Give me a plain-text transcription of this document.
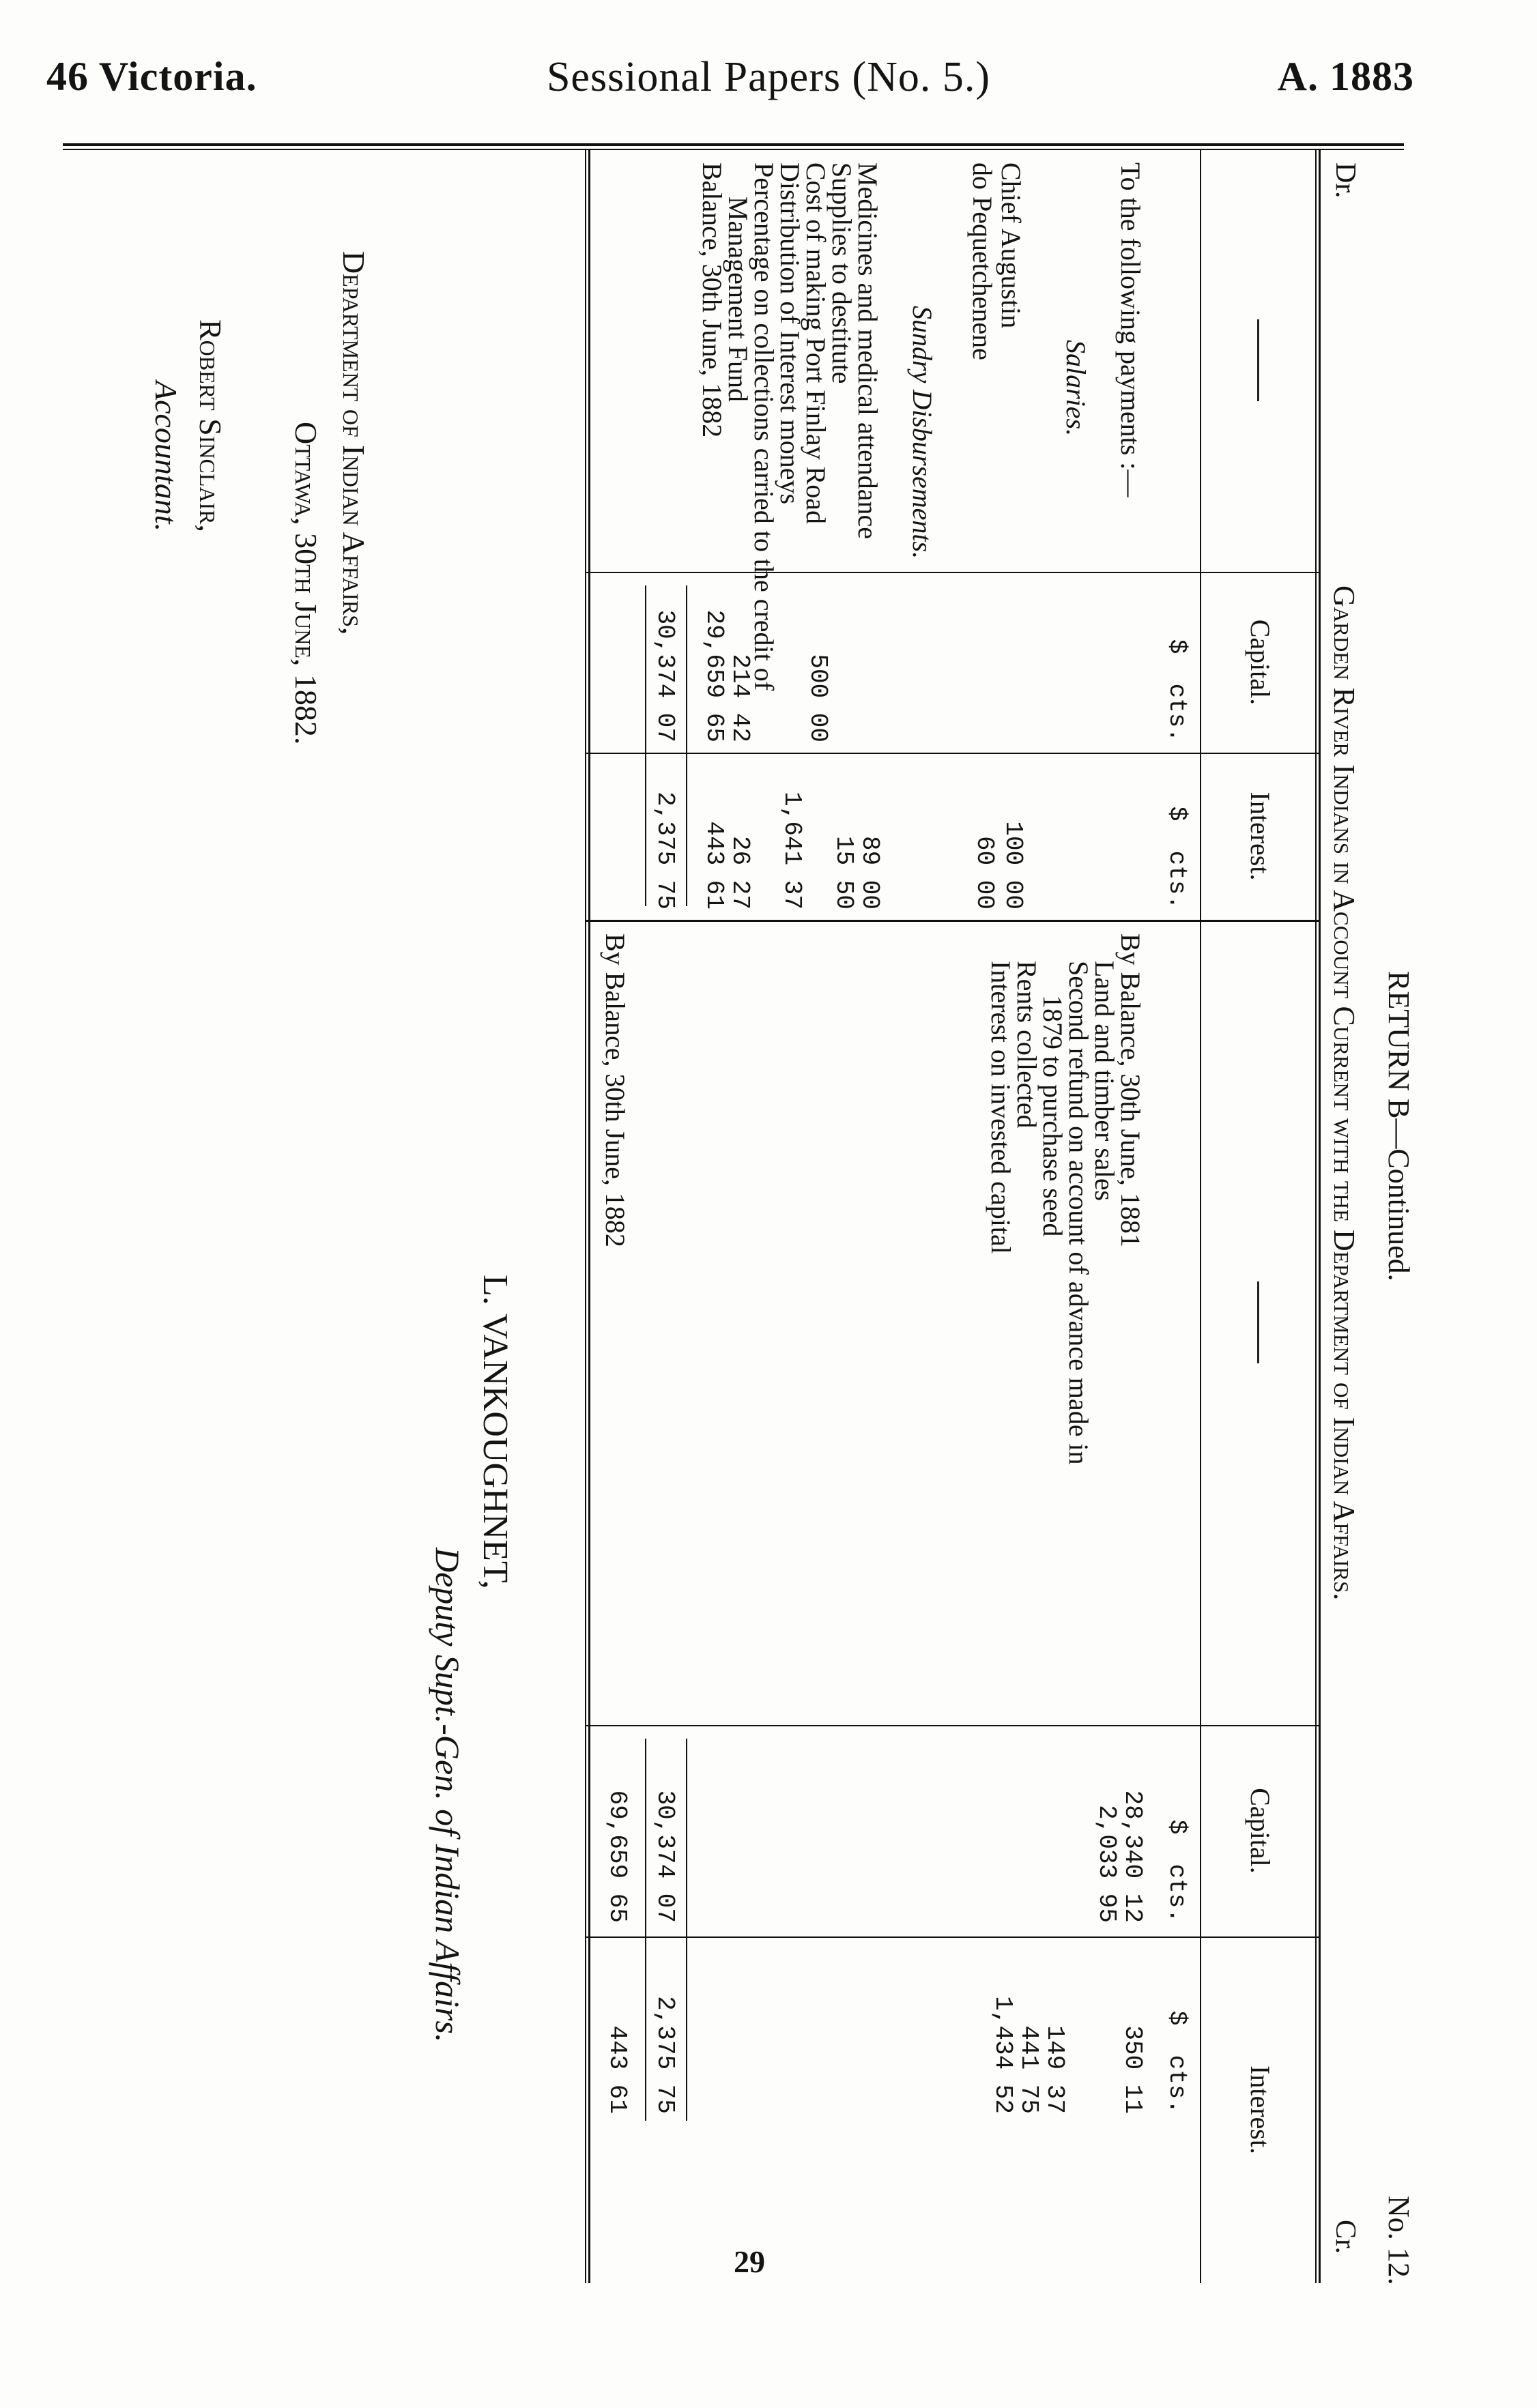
46 Victoria.	Sessional Papers (No. 5.)	A. 1883
RETURN B—Continued.
No. 12.
Dr.
Garden River Indians in Account Current with the Department of Indian Affairs.
Cr.
Capital.
Interest.
Capital.
Interest.
$  cts.
$  cts.
$  cts.
$  cts.
To the following payments :—
Salaries.
Chief Augustin
100 00
do Pequetchenene
60 00
Sundry Disbursements.
Medicines and medical attendance
89 00
Supplies to destitute
15 50
Cost of making Port Finlay Road
500 00
Distribution of Interest moneys
1,641 37
Percentage on collections carried to the credit of
Management Fund
214 42
26 27
Balance, 30th June, 1882
29,659 65
443 61
30,374 07
2,375 75
By Balance, 30th June, 1881
28,340 12
350 11
Land and timber sales
2,033 95
Second refund on account of advance made in
1879 to purchase seed
149 37
Rents collected
441 75
Interest on invested capital
1,434 52
30,374 07
2,375 75
By Balance, 30th June, 1882
69,659 65
443 61
L. VANKOUGHNET,
Deputy Supt.-Gen. of Indian Affairs.
Department of Indian Affairs,
Ottawa, 30th June, 1882.
Robert Sinclair,
Accountant.
29
